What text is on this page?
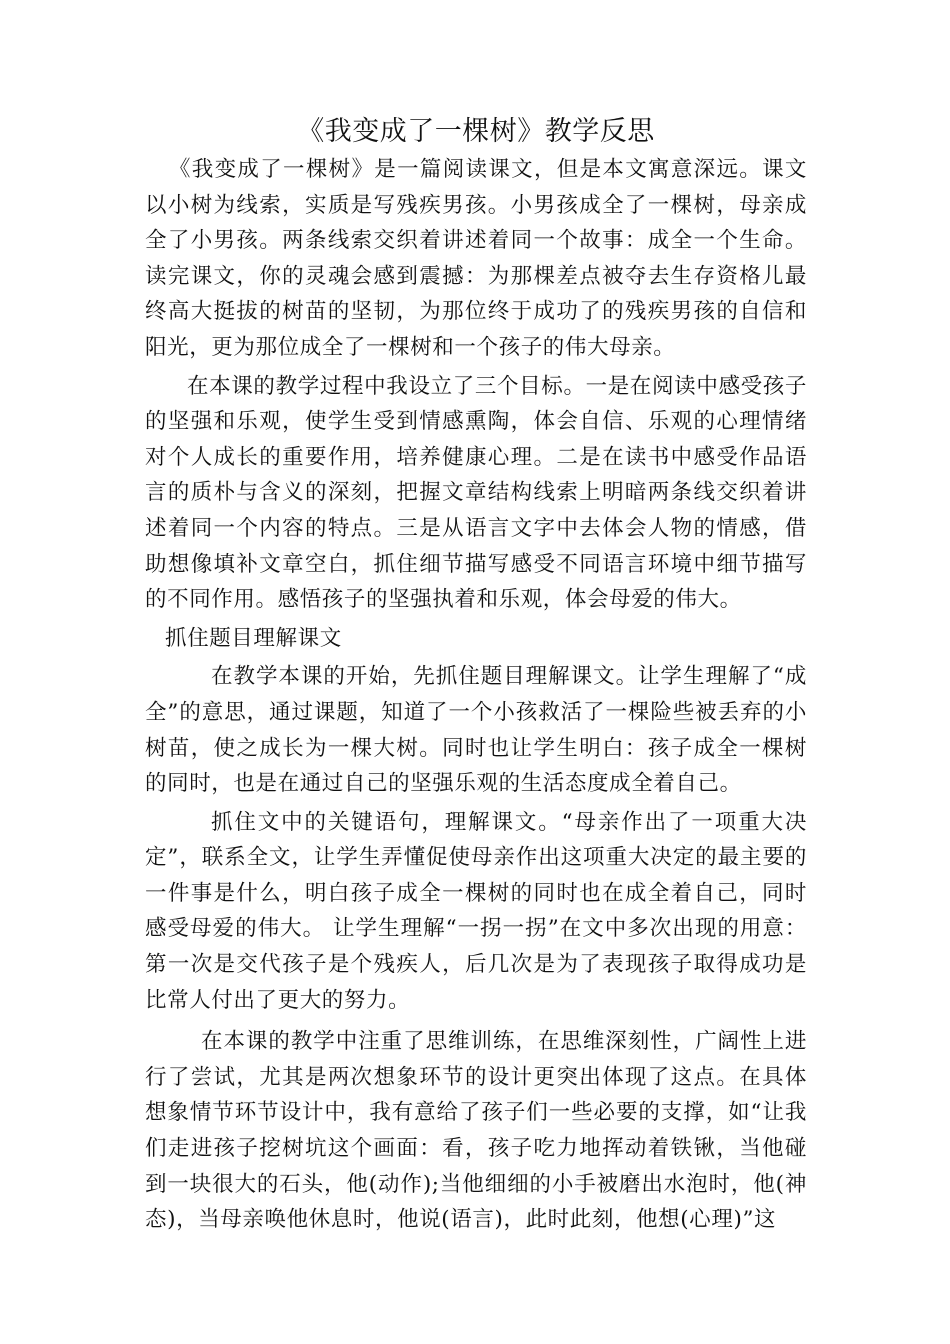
《我变成了一棵树》教学反思

《我变成了一棵树》是一篇阅读课文，但是本文寓意深远。课文以小树为线索，实质是写残疾男孩。小男孩成全了一棵树，母亲成全了小男孩。两条线索交织着讲述着同一个故事：成全一个生命。读完课文，你的灵魂会感到震撼：为那棵差点被夺去生存资格儿最终高大挺拔的树苗的坚韧，为那位终于成功了的残疾男孩的自信和阳光，更为那位成全了一棵树和一个孩子的伟大母亲。

在本课的教学过程中我设立了三个目标。一是在阅读中感受孩子的坚强和乐观，使学生受到情感熏陶，体会自信、乐观的心理情绪对个人成长的重要作用，培养健康心理。二是在读书中感受作品语言的质朴与含义的深刻，把握文章结构线索上明暗两条线交织着讲述着同一个内容的特点。三是从语言文字中去体会人物的情感，借助想像填补文章空白，抓住细节描写感受不同语言环境中细节描写的不同作用。感悟孩子的坚强执着和乐观，体会母爱的伟大。

抓住题目理解课文

在教学本课的开始，先抓住题目理解课文。让学生理解了“成全”的意思，通过课题，知道了一个小孩救活了一棵险些被丢弃的小树苗，使之成长为一棵大树。同时也让学生明白：孩子成全一棵树的同时，也是在通过自己的坚强乐观的生活态度成全着自己。

抓住文中的关键语句，理解课文。“母亲作出了一项重大决定”，联系全文，让学生弄懂促使母亲作出这项重大决定的最主要的一件事是什么，明白孩子成全一棵树的同时也在成全着自己，同时感受母爱的伟大。 让学生理解“一拐一拐”在文中多次出现的用意：第一次是交代孩子是个残疾人，后几次是为了表现孩子取得成功是比常人付出了更大的努力。

在本课的教学中注重了思维训练，在思维深刻性，广阔性上进行了尝试，尤其是两次想象环节的设计更突出体现了这点。在具体想象情节环节设计中，我有意给了孩子们一些必要的支撑，如“让我们走进孩子挖树坑这个画面：看，孩子吃力地挥动着铁锹，当他碰到一块很大的石头，他(动作);当他细细的小手被磨出水泡时，他(神态)，当母亲唤他休息时，他说(语言)，此时此刻，他想(心理)”这
